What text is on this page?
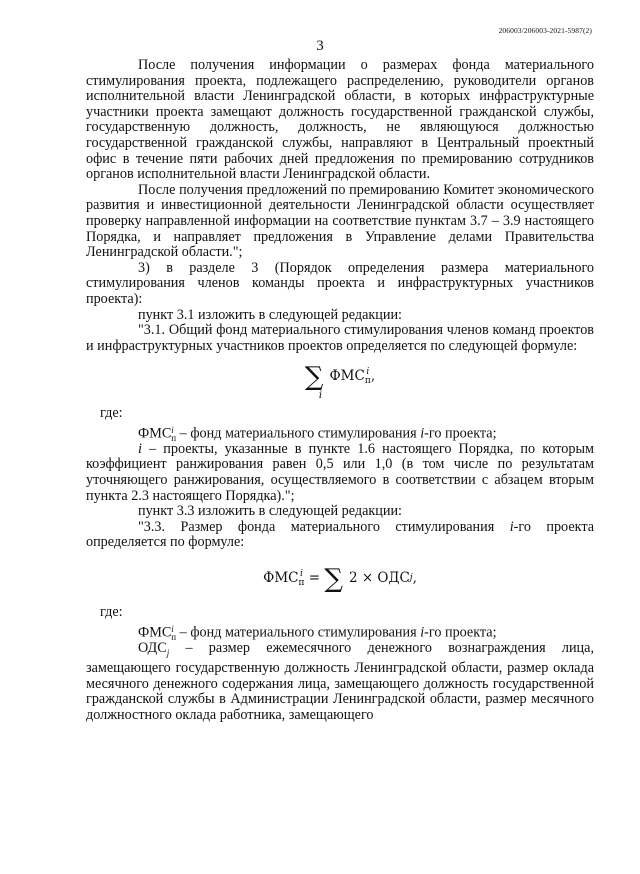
206003/206003-2021-5987(2)
3

После получения информации о размерах фонда материального стимулирования проекта, подлежащего распределению, руководители органов исполнительной власти Ленинградской области, в которых инфраструктурные участники проекта замещают должность государственной гражданской службы, государственную должность, должность, не являющуюся должностью государственной гражданской службы, направляют в Центральный проектный офис в течение пяти рабочих дней предложения по премированию сотрудников органов исполнительной власти Ленинградской области.

После получения предложений по премированию Комитет экономического развития и инвестиционной деятельности Ленинградской области осуществляет проверку направленной информации на соответствие пунктам 3.7 – 3.9 настоящего Порядка, и направляет предложения в Управление делами Правительства Ленинградской области.";

3) в разделе 3 (Порядок определения размера материального стимулирования членов команды проекта и инфраструктурных участников проекта):

пункт 3.1 изложить в следующей редакции:

"3.1. Общий фонд материального стимулирования членов команд проектов и инфраструктурных участников проектов определяется по следующей формуле:

∑
i
ФМС i
п ,

где:

ФМС i
п – фонд материального стимулирования i-го проекта;

i – проекты, указанные в пункте 1.6 настоящего Порядка, по которым коэффициент ранжирования равен 0,5 или 1,0 (в том числе по результатам уточняющего ранжирования, осуществляемого в соответствии с абзацем вторым пункта 2.3 настоящего Порядка).";

пункт 3.3 изложить в следующей редакции:

"3.3. Размер фонда материального стимулирования i-го проекта определяется по формуле:

ФМС i
п = ∑ 2 × ОДС j ,

где:

ФМС i
п – фонд материального стимулирования i-го проекта;

$ОДС_j$ – размер ежемесячного денежного вознаграждения лица, замещающего государственную должность Ленинградской области, размер оклада месячного денежного содержания лица, замещающего должность государственной гражданской службы в Администрации Ленинградской области, размер месячного должностного оклада работника, замещающего
